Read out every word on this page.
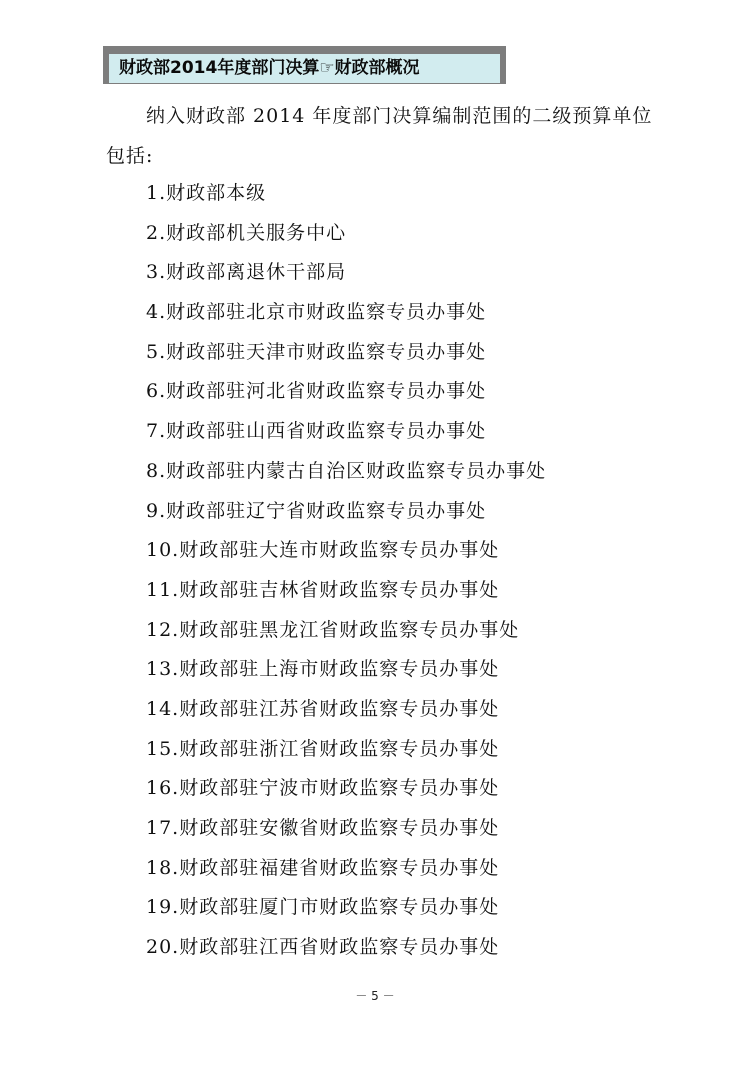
财政部2014年度部门决算☞财政部概况
纳入财政部 2014 年度部门决算编制范围的二级预算单位包括:
1.财政部本级
2.财政部机关服务中心
3.财政部离退休干部局
4.财政部驻北京市财政监察专员办事处
5.财政部驻天津市财政监察专员办事处
6.财政部驻河北省财政监察专员办事处
7.财政部驻山西省财政监察专员办事处
8.财政部驻内蒙古自治区财政监察专员办事处
9.财政部驻辽宁省财政监察专员办事处
10.财政部驻大连市财政监察专员办事处
11.财政部驻吉林省财政监察专员办事处
12.财政部驻黑龙江省财政监察专员办事处
13.财政部驻上海市财政监察专员办事处
14.财政部驻江苏省财政监察专员办事处
15.财政部驻浙江省财政监察专员办事处
16.财政部驻宁波市财政监察专员办事处
17.财政部驻安徽省财政监察专员办事处
18.财政部驻福建省财政监察专员办事处
19.财政部驻厦门市财政监察专员办事处
20.财政部驻江西省财政监察专员办事处
－ 5 －
